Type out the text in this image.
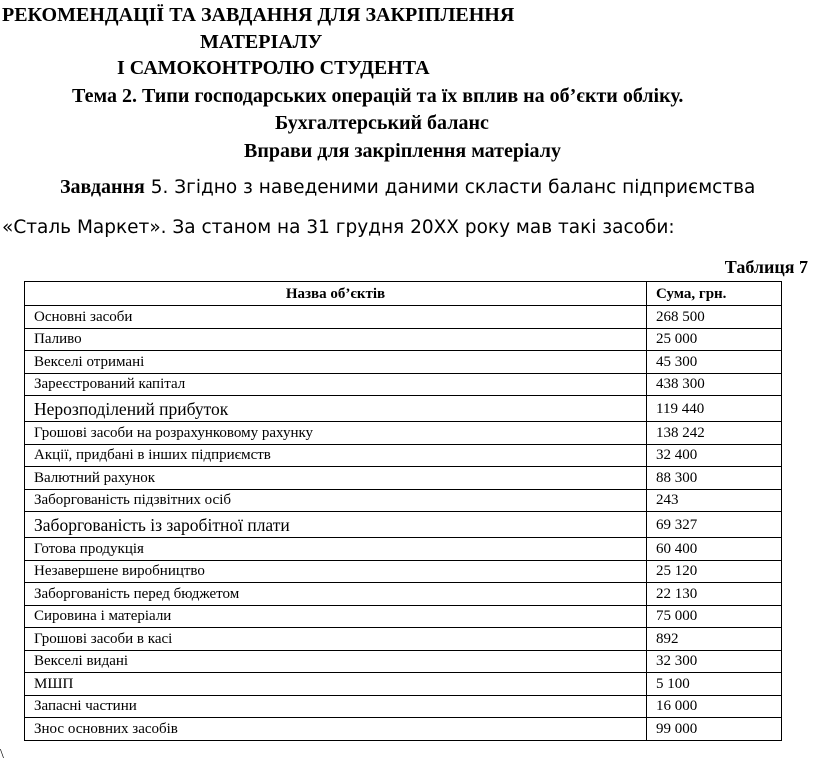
РЕКОМЕНДАЦІЇ ТА ЗАВДАННЯ ДЛЯ ЗАКРІПЛЕННЯ
МАТЕРІАЛУ
І САМОКОНТРОЛЮ СТУДЕНТА
Тема 2. Типи господарських операцій та їх вплив на об’єкти обліку.
Бухгалтерський баланс
Вправи для закріплення матеріалу
Завдання 5. Згідно з наведеними даними скласти баланс підприємства
«Сталь Маркет». За станом на 31 грудня 20ХХ року мав такі засоби:
Таблиця 7
Назва об’єктів	Сума, грн.
Основні засоби	268 500
Паливо	25 000
Векселі отримані	45 300
Зареєстрований капітал	438 300
Нерозподілений прибуток	119 440
Грошові засоби на розрахунковому рахунку	138 242
Акції, придбані в інших підприємств	32 400
Валютний рахунок	88 300
Заборгованість підзвітних осіб	243
Заборгованість із заробітної плати	69 327
Готова продукція	60 400
Незавершене виробництво	25 120
Заборгованість перед бюджетом	22 130
Сировина і матеріали	75 000
Грошові засоби в касі	892
Векселі видані	32 300
МШП	5 100
Запасні частини	16 000
Знос основних засобів	99 000
\
